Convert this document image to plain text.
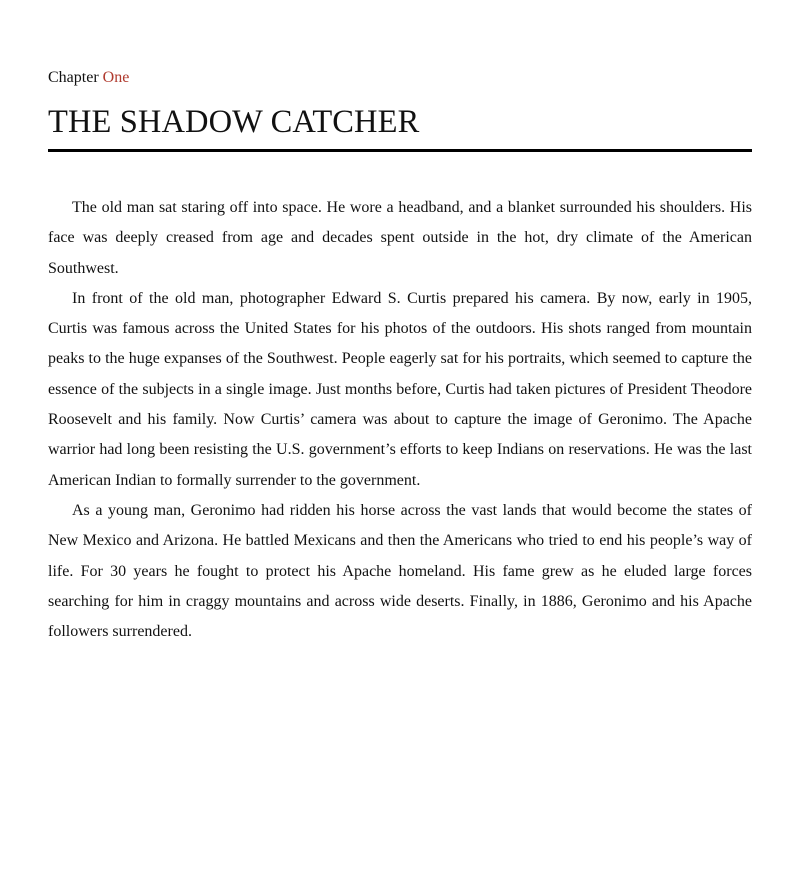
Chapter One
THE SHADOW CATCHER

The old man sat staring off into space. He wore a headband, and a blanket surrounded his shoulders. His face was deeply creased from age and decades spent outside in the hot, dry climate of the American Southwest.

In front of the old man, photographer Edward S. Curtis prepared his camera. By now, early in 1905, Curtis was famous across the United States for his photos of the outdoors. His shots ranged from mountain peaks to the huge expanses of the Southwest. People eagerly sat for his portraits, which seemed to capture the essence of the subjects in a single image. Just months before, Curtis had taken pictures of President Theodore Roosevelt and his family. Now Curtis’ camera was about to capture the image of Geronimo. The Apache warrior had long been resisting the U.S. government’s efforts to keep Indians on reservations. He was the last American Indian to formally surrender to the government.

As a young man, Geronimo had ridden his horse across the vast lands that would become the states of New Mexico and Arizona. He battled Mexicans and then the Americans who tried to end his people’s way of life. For 30 years he fought to protect his Apache homeland. His fame grew as he eluded large forces searching for him in craggy mountains and across wide deserts. Finally, in 1886, Geronimo and his Apache followers surrendered.
